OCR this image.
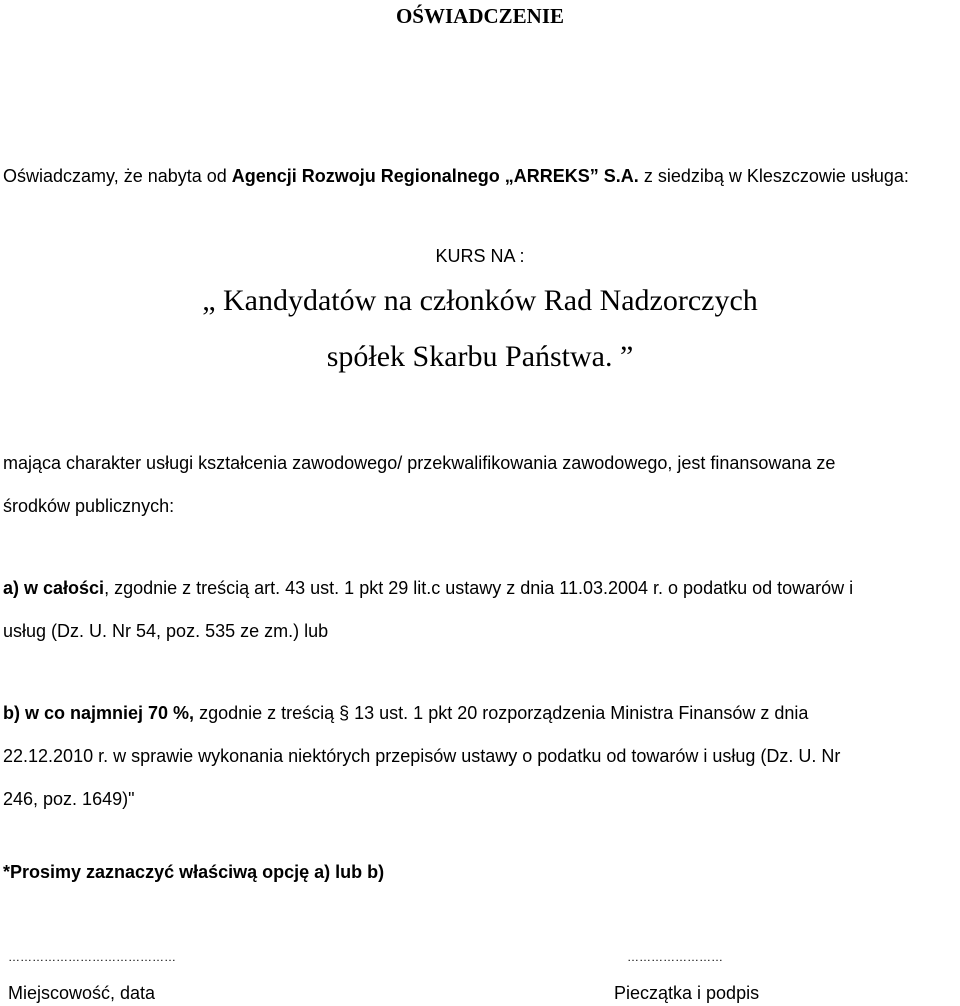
OŚWIADCZENIE
Oświadczamy, że nabyta od Agencji Rozwoju Regionalnego „ARREKS” S.A. z siedzibą w Kleszczowie usługa:
KURS NA :
„ Kandydatów na członków Rad Nadzorczych
spółek Skarbu Państwa. ”
mająca charakter usługi kształcenia zawodowego/ przekwalifikowania zawodowego, jest finansowana ze
środków publicznych:
a) w całości, zgodnie z treścią art. 43 ust. 1 pkt 29 lit.c ustawy z dnia 11.03.2004 r. o podatku od towarów i
usług (Dz. U. Nr 54, poz. 535 ze zm.) lub
b) w co najmniej 70 %, zgodnie z treścią § 13 ust. 1 pkt 20 rozporządzenia Ministra Finansów z dnia
22.12.2010 r. w sprawie wykonania niektórych przepisów ustawy o podatku od towarów i usług (Dz. U. Nr
246, poz. 1649)"
*Prosimy zaznaczyć właściwą opcję a) lub b)
……………………………………	……………………
Miejscowość, data	Pieczątka i podpis
